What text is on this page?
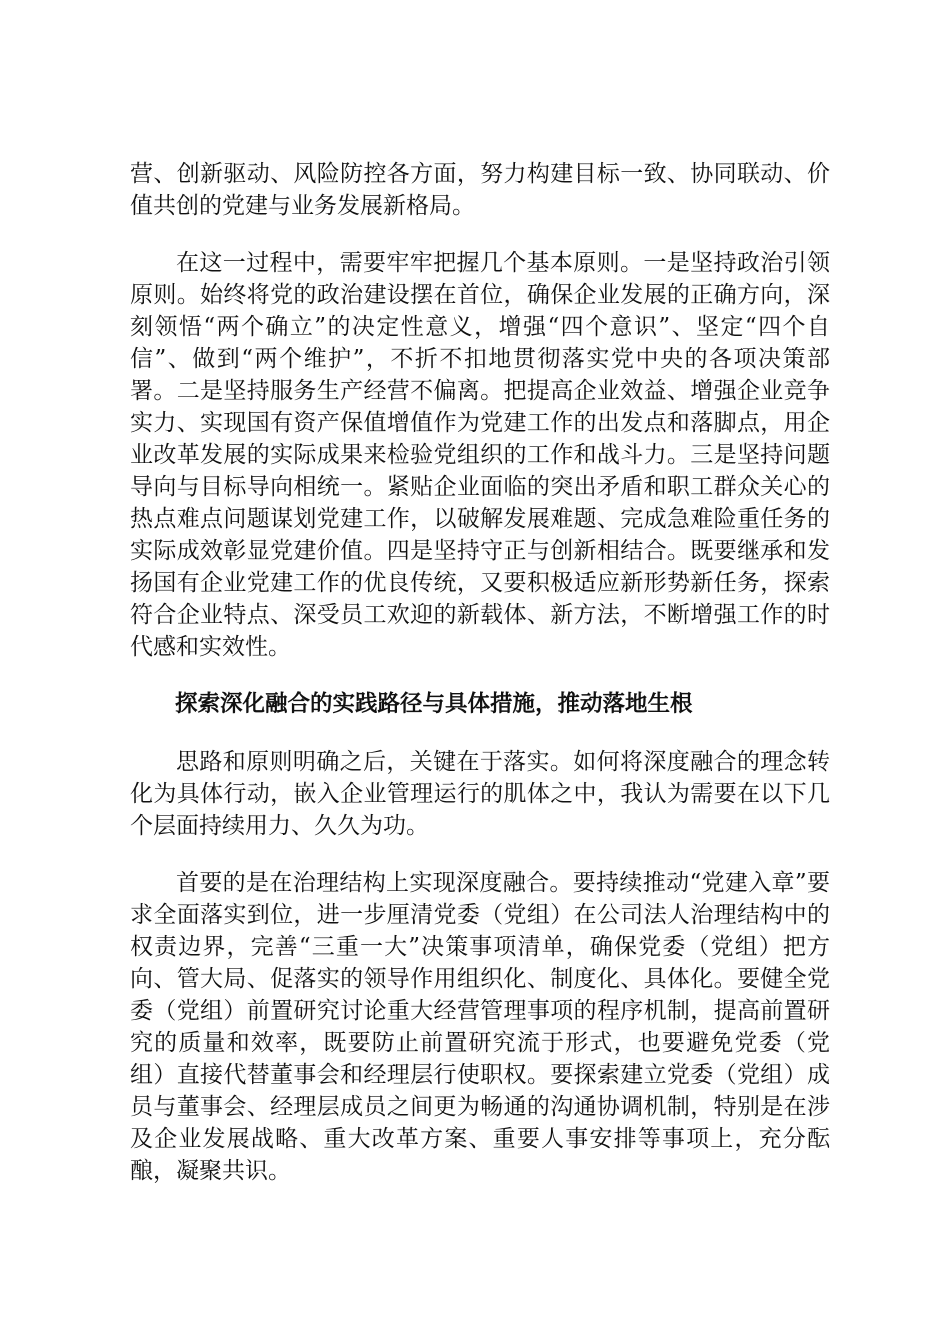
营、创新驱动、风险防控各方面，努力构建目标一致、协同联动、价值共创的党建与业务发展新格局。

在这一过程中，需要牢牢把握几个基本原则。一是坚持政治引领原则。始终将党的政治建设摆在首位，确保企业发展的正确方向，深刻领悟“两个确立”的决定性意义，增强“四个意识”、坚定“四个自信”、做到“两个维护”，不折不扣地贯彻落实党中央的各项决策部署。二是坚持服务生产经营不偏离。把提高企业效益、增强企业竞争实力、实现国有资产保值增值作为党建工作的出发点和落脚点，用企业改革发展的实际成果来检验党组织的工作和战斗力。三是坚持问题导向与目标导向相统一。紧贴企业面临的突出矛盾和职工群众关心的热点难点问题谋划党建工作，以破解发展难题、完成急难险重任务的实际成效彰显党建价值。四是坚持守正与创新相结合。既要继承和发扬国有企业党建工作的优良传统，又要积极适应新形势新任务，探索符合企业特点、深受员工欢迎的新载体、新方法，不断增强工作的时代感和实效性。

探索深化融合的实践路径与具体措施，推动落地生根

思路和原则明确之后，关键在于落实。如何将深度融合的理念转化为具体行动，嵌入企业管理运行的肌体之中，我认为需要在以下几个层面持续用力、久久为功。

首要的是在治理结构上实现深度融合。要持续推动“党建入章”要求全面落实到位，进一步厘清党委（党组）在公司法人治理结构中的权责边界，完善“三重一大”决策事项清单，确保党委（党组）把方向、管大局、促落实的领导作用组织化、制度化、具体化。要健全党委（党组）前置研究讨论重大经营管理事项的程序机制，提高前置研究的质量和效率，既要防止前置研究流于形式，也要避免党委（党组）直接代替董事会和经理层行使职权。要探索建立党委（党组）成员与董事会、经理层成员之间更为畅通的沟通协调机制，特别是在涉及企业发展战略、重大改革方案、重要人事安排等事项上，充分酝酿，凝聚共识。
